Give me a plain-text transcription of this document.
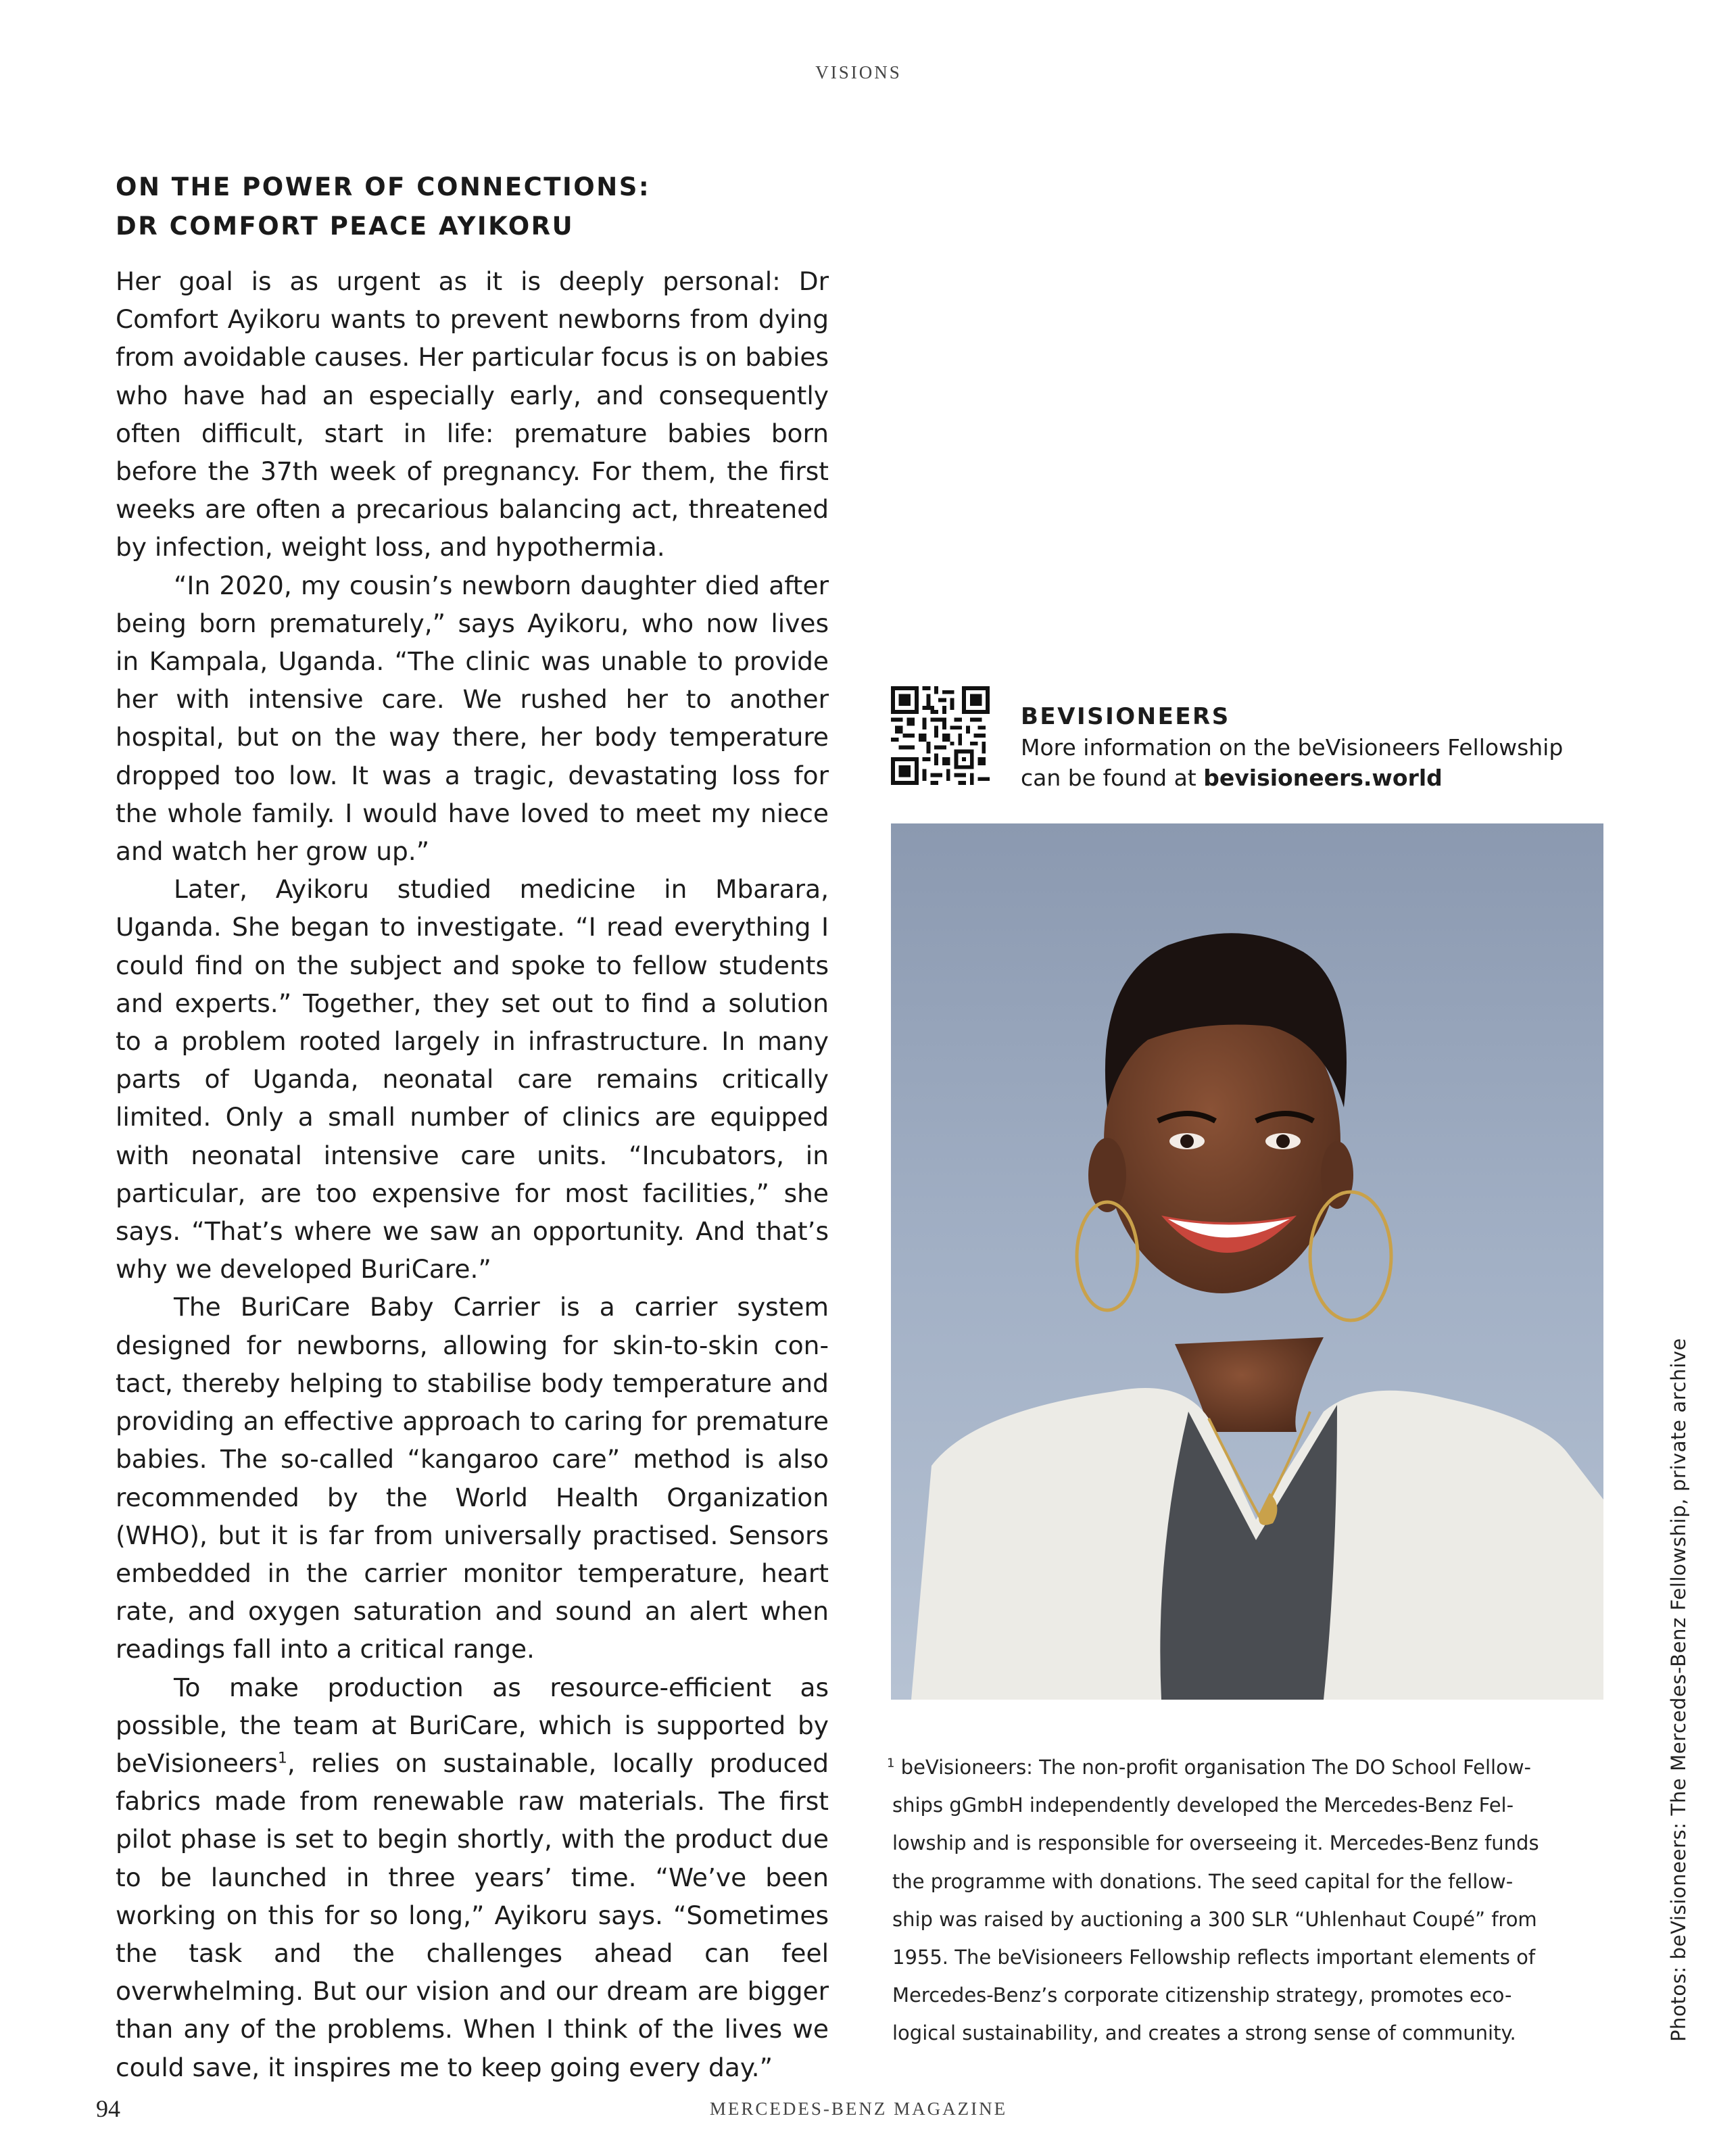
VISIONS
ON THE POWER OF CONNECTIONS:
DR COMFORT PEACE AYIKORU

Her goal is as urgent as it is deeply personal: Dr Comfort Ayikoru wants to prevent newborns from dying from avoidable causes. Her particular focus is on babies who have had an especially early, and consequently often difficult, start in life: premature babies born before the 37th week of pregnancy. For them, the first weeks are often a precarious balancing act, threatened by infection, weight loss, and hypothermia.

“In 2020, my cousin’s newborn daughter died after being born prematurely,” says Ayikoru, who now lives in Kampala, Uganda. “The clinic was unable to provide her with intensive care. We rushed her to another hospital, but on the way there, her body temperature dropped too low. It was a tragic, devastating loss for the whole family. I would have loved to meet my niece and watch her grow up.”

Later, Ayikoru studied medicine in Mbarara, Uganda. She began to investigate. “I read everything I could find on the subject and spoke to fellow students and experts.” Together, they set out to find a solution to a problem rooted largely in infrastructure. In many parts of Uganda, neonatal care remains critically limited. Only a small number of clinics are equipped with neonatal intensive care units. “Incubators, in particular, are too expensive for most facilities,” she says. “That’s where we saw an opportunity. And that’s why we developed BuriCare.”

The BuriCare Baby Carrier is a carrier system designed for newborns, allowing for skin-to-skin contact, thereby helping to stabilise body temperature and providing an effective approach to caring for premature babies. The so-called “kangaroo care” method is also recommended by the World Health Organization (WHO), but it is far from universally practised. Sensors embedded in the carrier monitor temperature, heart rate, and oxygen saturation and sound an alert when readings fall into a critical range.

To make production as resource-efficient as possible, the team at BuriCare, which is supported by beVisioneers$^1$, relies on sustainable, locally produced fabrics made from renewable raw materials. The first pilot phase is set to begin shortly, with the product due to be launched in three years’ time. “We’ve been working on this for so long,” Ayikoru says. “Sometimes the task and the challenges ahead can feel overwhelming. But our vision and our dream are bigger than any of the problems. When I think of the lives we could save, it inspires me to keep going every day.”

BEVISIONEERS
More information on the beVisioneers Fellowship
can be found at bevisioneers.world
$^1$ beVisioneers: The non-profit organisation The DO School Fellow-
ships gGmbH independently developed the Mercedes-Benz Fel-
lowship and is responsible for overseeing it. Mercedes-Benz funds
the programme with donations. The seed capital for the fellow-
ship was raised by auctioning a 300 SLR “Uhlenhaut Coupé” from
1955. The beVisioneers Fellowship reflects important elements of
Mercedes-Benz’s corporate citizenship strategy, promotes eco-
logical sustainability, and creates a strong sense of community.	Photos: beVisioneers: The Mercedes-Benz Fellowship, private archive
94	MERCEDES-BENZ MAGAZINE
